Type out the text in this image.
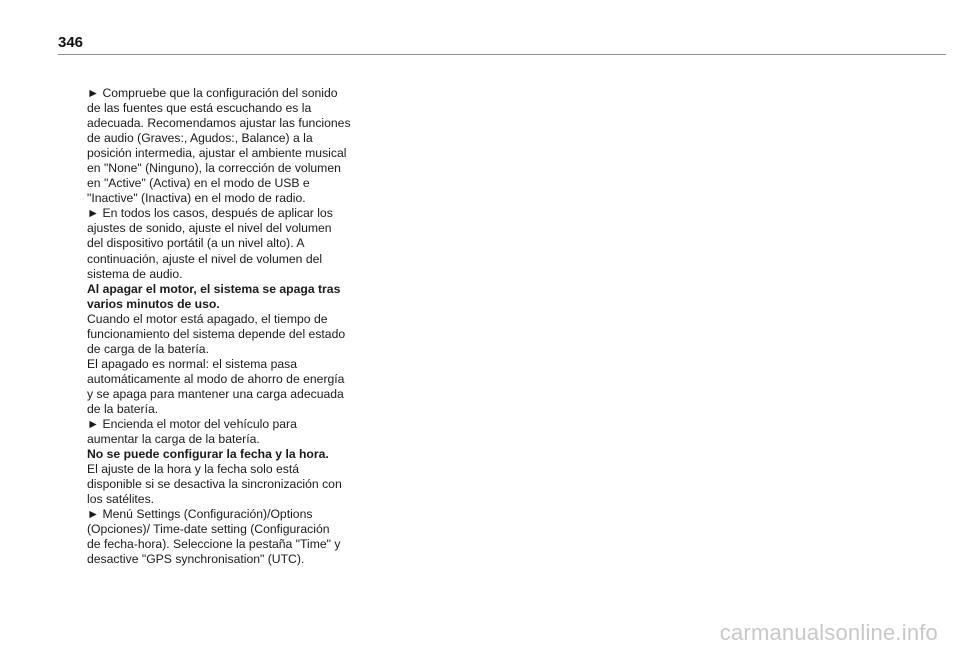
346
► Compruebe que la configuración del sonido
de las fuentes que está escuchando es la
adecuada. Recomendamos ajustar las funciones
de audio (Graves:, Agudos:, Balance) a la
posición intermedia, ajustar el ambiente musical
en "None" (Ninguno), la corrección de volumen
en "Active" (Activa) en el modo de USB e
"Inactive" (Inactiva) en el modo de radio.
► En todos los casos, después de aplicar los
ajustes de sonido, ajuste el nivel del volumen
del dispositivo portátil (a un nivel alto). A
continuación, ajuste el nivel de volumen del
sistema de audio.
Al apagar el motor, el sistema se apaga tras
varios minutos de uso.
Cuando el motor está apagado, el tiempo de
funcionamiento del sistema depende del estado
de carga de la batería.
El apagado es normal: el sistema pasa
automáticamente al modo de ahorro de energía
y se apaga para mantener una carga adecuada
de la batería.
► Encienda el motor del vehículo para
aumentar la carga de la batería.
No se puede configurar la fecha y la hora.
El ajuste de la hora y la fecha solo está
disponible si se desactiva la sincronización con
los satélites.
► Menú Settings (Configuración)/Options
(Opciones)/ Time-date setting (Configuración
de fecha-hora). Seleccione la pestaña "Time" y
desactive "GPS synchronisation" (UTC).
carmanualsonline.info
